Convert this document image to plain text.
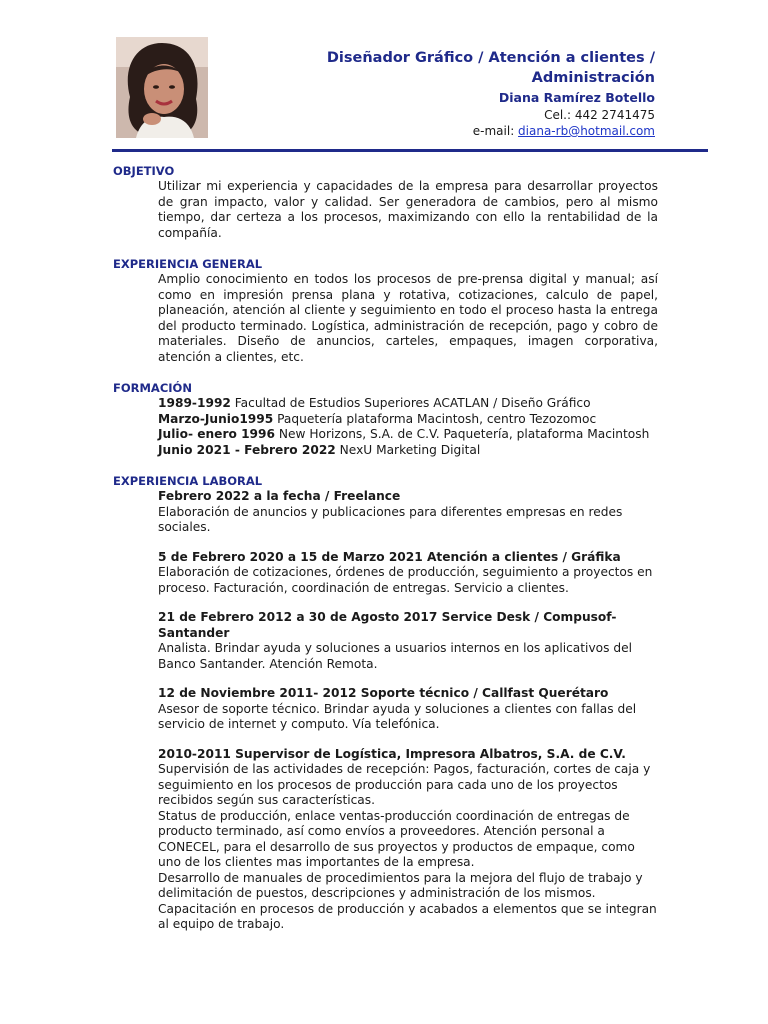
Diseñador Gráfico / Atención a clientes / Administración
Diana Ramírez Botello
Cel.: 442 2741475
e-mail: diana-rb@hotmail.com
OBJETIVO

Utilizar mi experiencia y capacidades de la empresa para desarrollar proyectos de gran impacto, valor y calidad. Ser generadora de cambios, pero al mismo tiempo, dar certeza a los procesos, maximizando con ello la rentabilidad de la compañía.

EXPERIENCIA GENERAL

Amplio conocimiento en todos los procesos de pre-prensa digital y manual; así como en impresión prensa plana y rotativa, cotizaciones, calculo de papel, planeación, atención al cliente y seguimiento en todo el proceso hasta la entrega del producto terminado. Logística, administración de recepción, pago y cobro de materiales. Diseño de anuncios, carteles, empaques, imagen corporativa, atención a clientes, etc.

FORMACIÓN

1989-1992 Facultad de Estudios Superiores ACATLAN / Diseño Gráfico

Marzo-Junio1995 Paquetería plataforma Macintosh, centro Tezozomoc

Julio- enero 1996 New Horizons, S.A. de C.V. Paquetería, plataforma Macintosh

Junio 2021 - Febrero 2022 NexU Marketing Digital

EXPERIENCIA LABORAL

Febrero 2022 a la fecha / Freelance

Elaboración de anuncios y publicaciones para diferentes empresas en redes sociales.

5 de Febrero 2020 a 15 de Marzo 2021 Atención a clientes / Gráfika

Elaboración de cotizaciones, órdenes de producción, seguimiento a proyectos en proceso. Facturación, coordinación de entregas. Servicio a clientes.

21 de Febrero 2012 a 30 de Agosto 2017 Service Desk / Compusof-Santander

Analista. Brindar ayuda y soluciones a usuarios internos en los aplicativos del Banco Santander. Atención Remota.

12 de Noviembre 2011- 2012 Soporte técnico / Callfast Querétaro

Asesor de soporte técnico. Brindar ayuda y soluciones a clientes con fallas del servicio de internet y computo. Vía telefónica.

2010-2011 Supervisor de Logística, Impresora Albatros, S.A. de C.V.

Supervisión de las actividades de recepción: Pagos, facturación, cortes de caja y seguimiento en los procesos de producción para cada uno de los proyectos recibidos según sus características.

Status de producción, enlace ventas-producción coordinación de entregas de producto terminado, así como envíos a proveedores. Atención personal a CONECEL, para el desarrollo de sus proyectos y productos de empaque, como uno de los clientes mas importantes de la empresa.

Desarrollo de manuales de procedimientos para la mejora del flujo de trabajo y delimitación de puestos, descripciones y administración de los mismos.

Capacitación en procesos de producción y acabados a elementos que se integran al equipo de trabajo.
